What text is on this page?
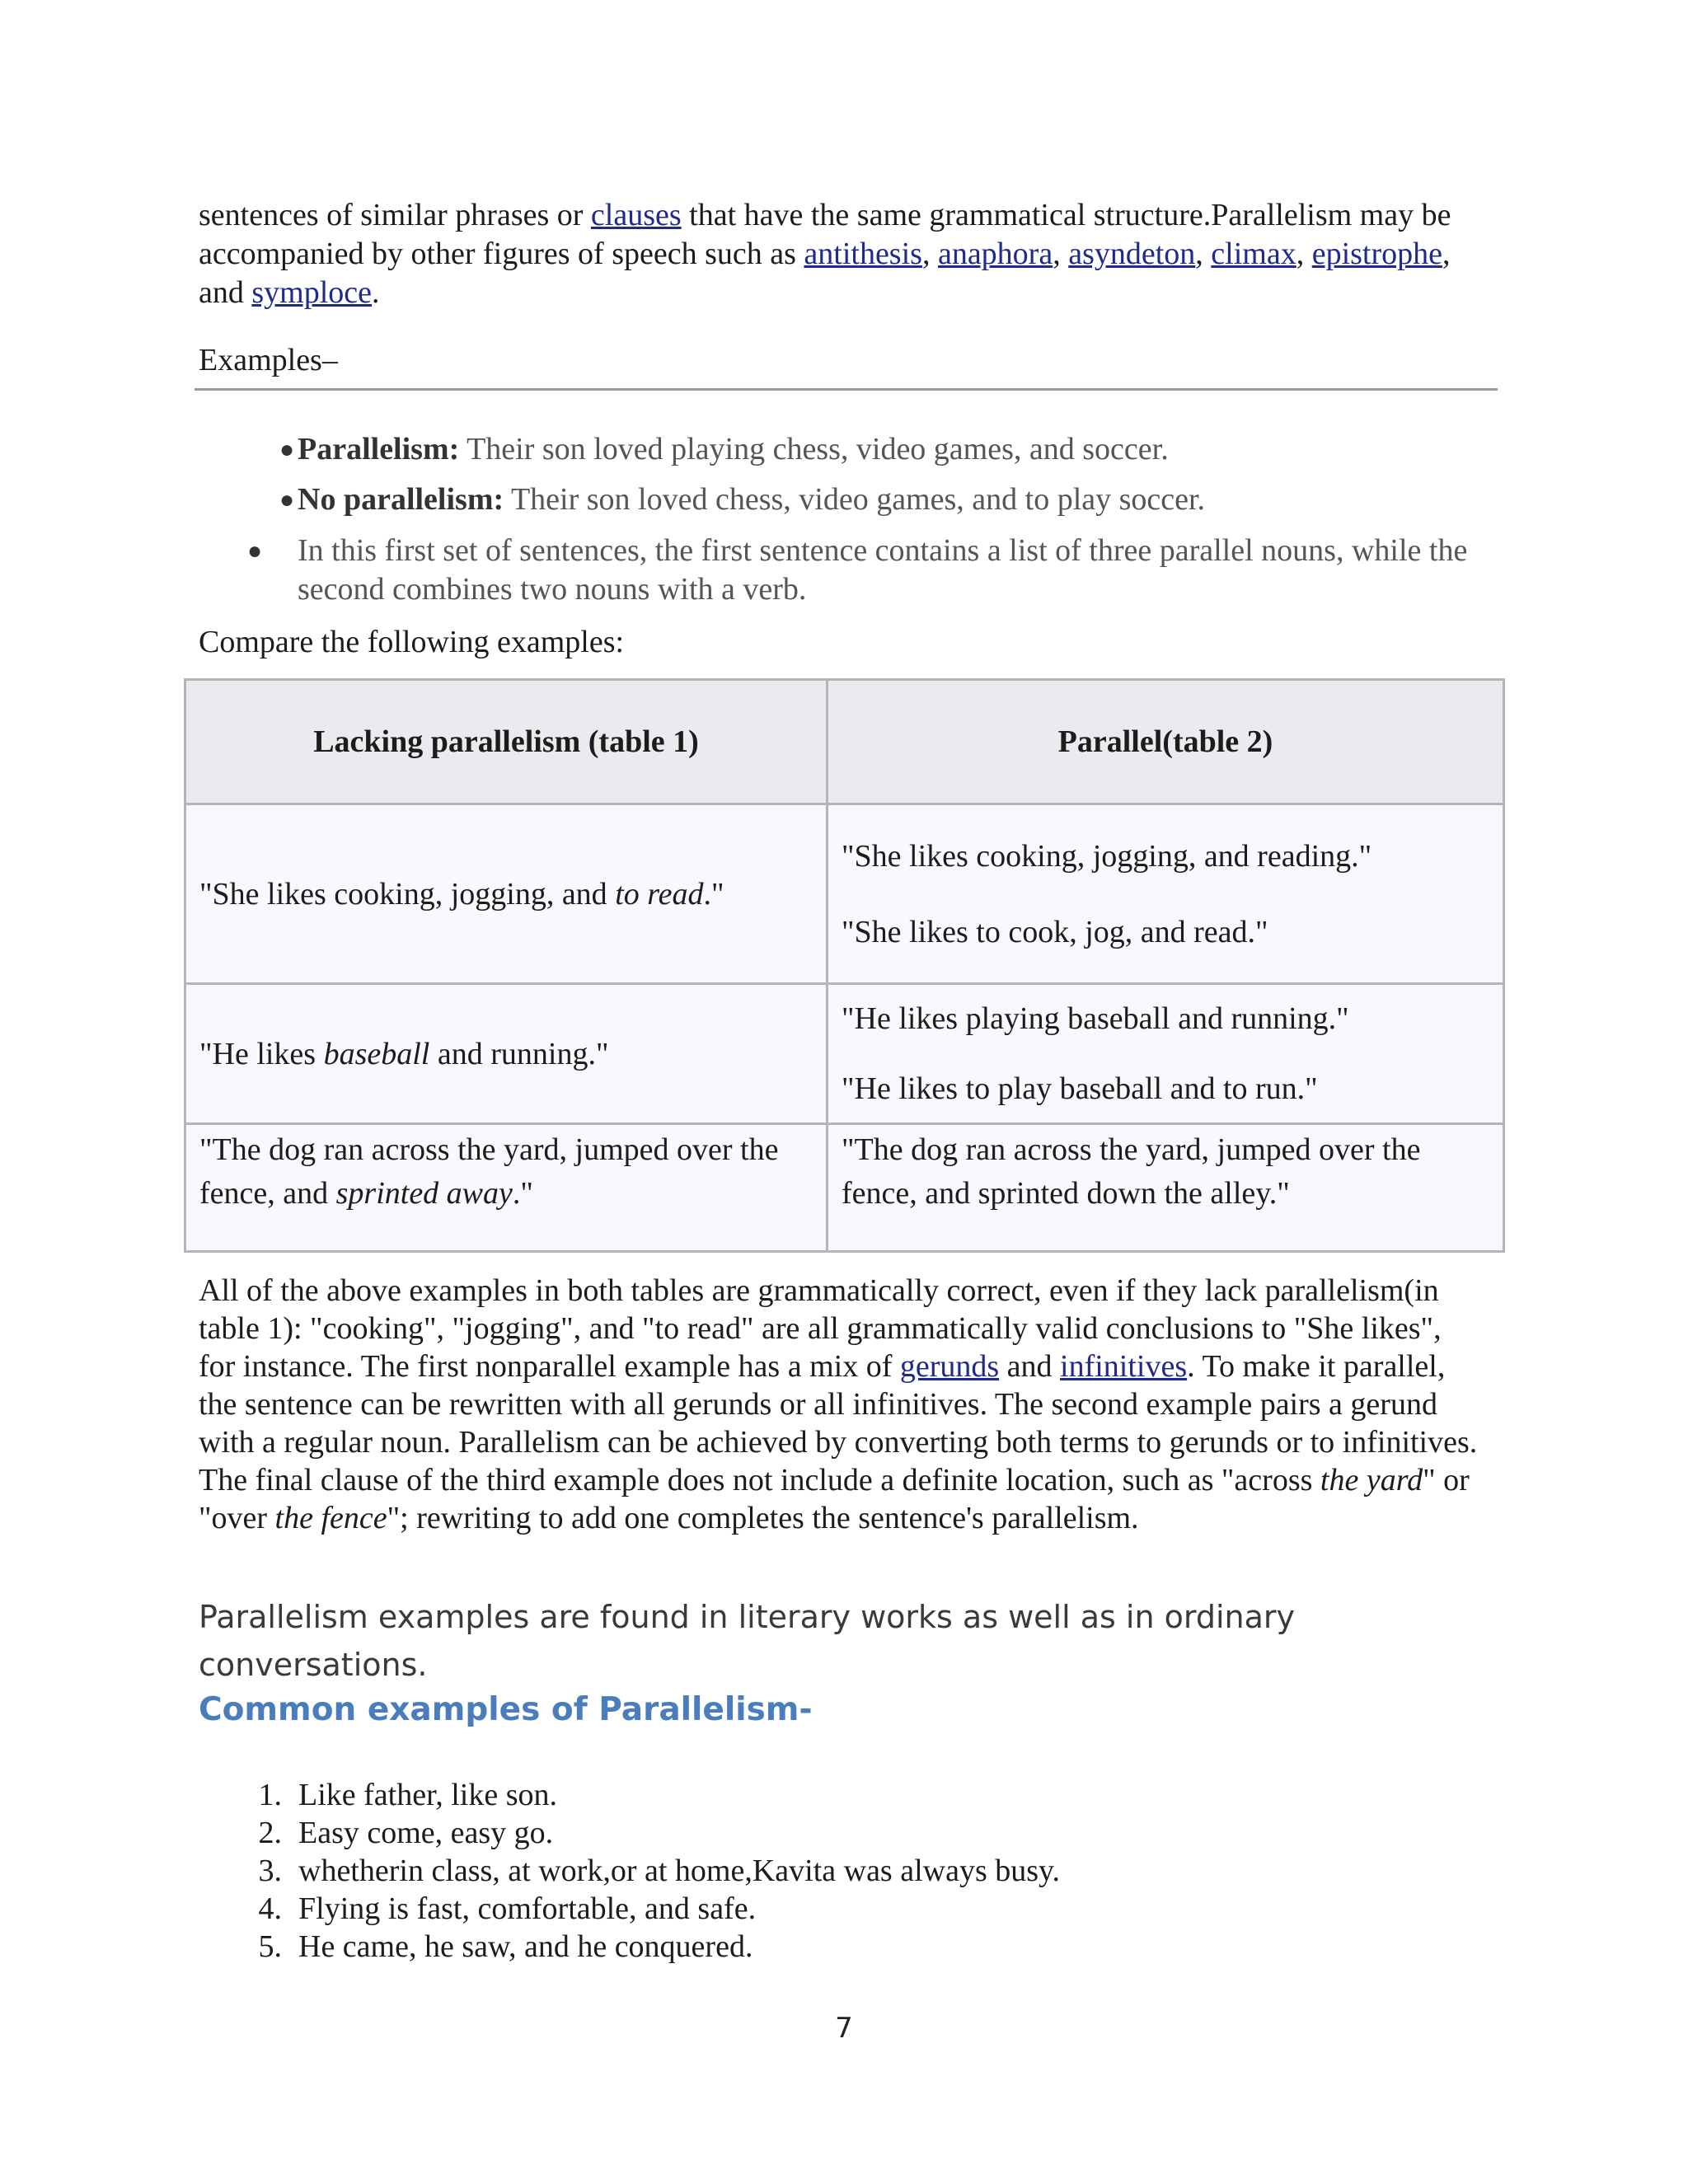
sentences of similar phrases or clauses that have the same grammatical structure.Parallelism may be accompanied by other figures of speech such as antithesis, anaphora, asyndeton, climax, epistrophe, and symploce.
Examples–
● Parallelism: Their son loved playing chess, video games, and soccer.
● No parallelism: Their son loved chess, video games, and to play soccer.
● In this first set of sentences, the first sentence contains a list of three parallel nouns, while the second combines two nouns with a verb.
Compare the following examples:
Lacking parallelism (table 1)	Parallel(table 2)
"She likes cooking, jogging, and to read."	"She likes cooking, jogging, and reading."

"She likes to cook, jog, and read."

"He likes baseball and running."	"He likes playing baseball and running."

"He likes to play baseball and to run."

"The dog ran across the yard, jumped over the fence, and sprinted away."	"The dog ran across the yard, jumped over the fence, and sprinted down the alley."
All of the above examples in both tables are grammatically correct, even if they lack parallelism(in table 1): "cooking", "jogging", and "to read" are all grammatically valid conclusions to "She likes", for instance. The first nonparallel example has a mix of gerunds and infinitives. To make it parallel, the sentence can be rewritten with all gerunds or all infinitives. The second example pairs a gerund with a regular noun. Parallelism can be achieved by converting both terms to gerunds or to infinitives. The final clause of the third example does not include a definite location, such as "across the yard" or "over the fence"; rewriting to add one completes the sentence's parallelism.
Parallelism examples are found in literary works as well as in ordinary conversations.
Common examples of Parallelism-
1. Like father, like son.
2. Easy come, easy go.
3. whetherin class, at work,or at home,Kavita was always busy.
4. Flying is fast, comfortable, and safe.
5. He came, he saw, and he conquered.
7
